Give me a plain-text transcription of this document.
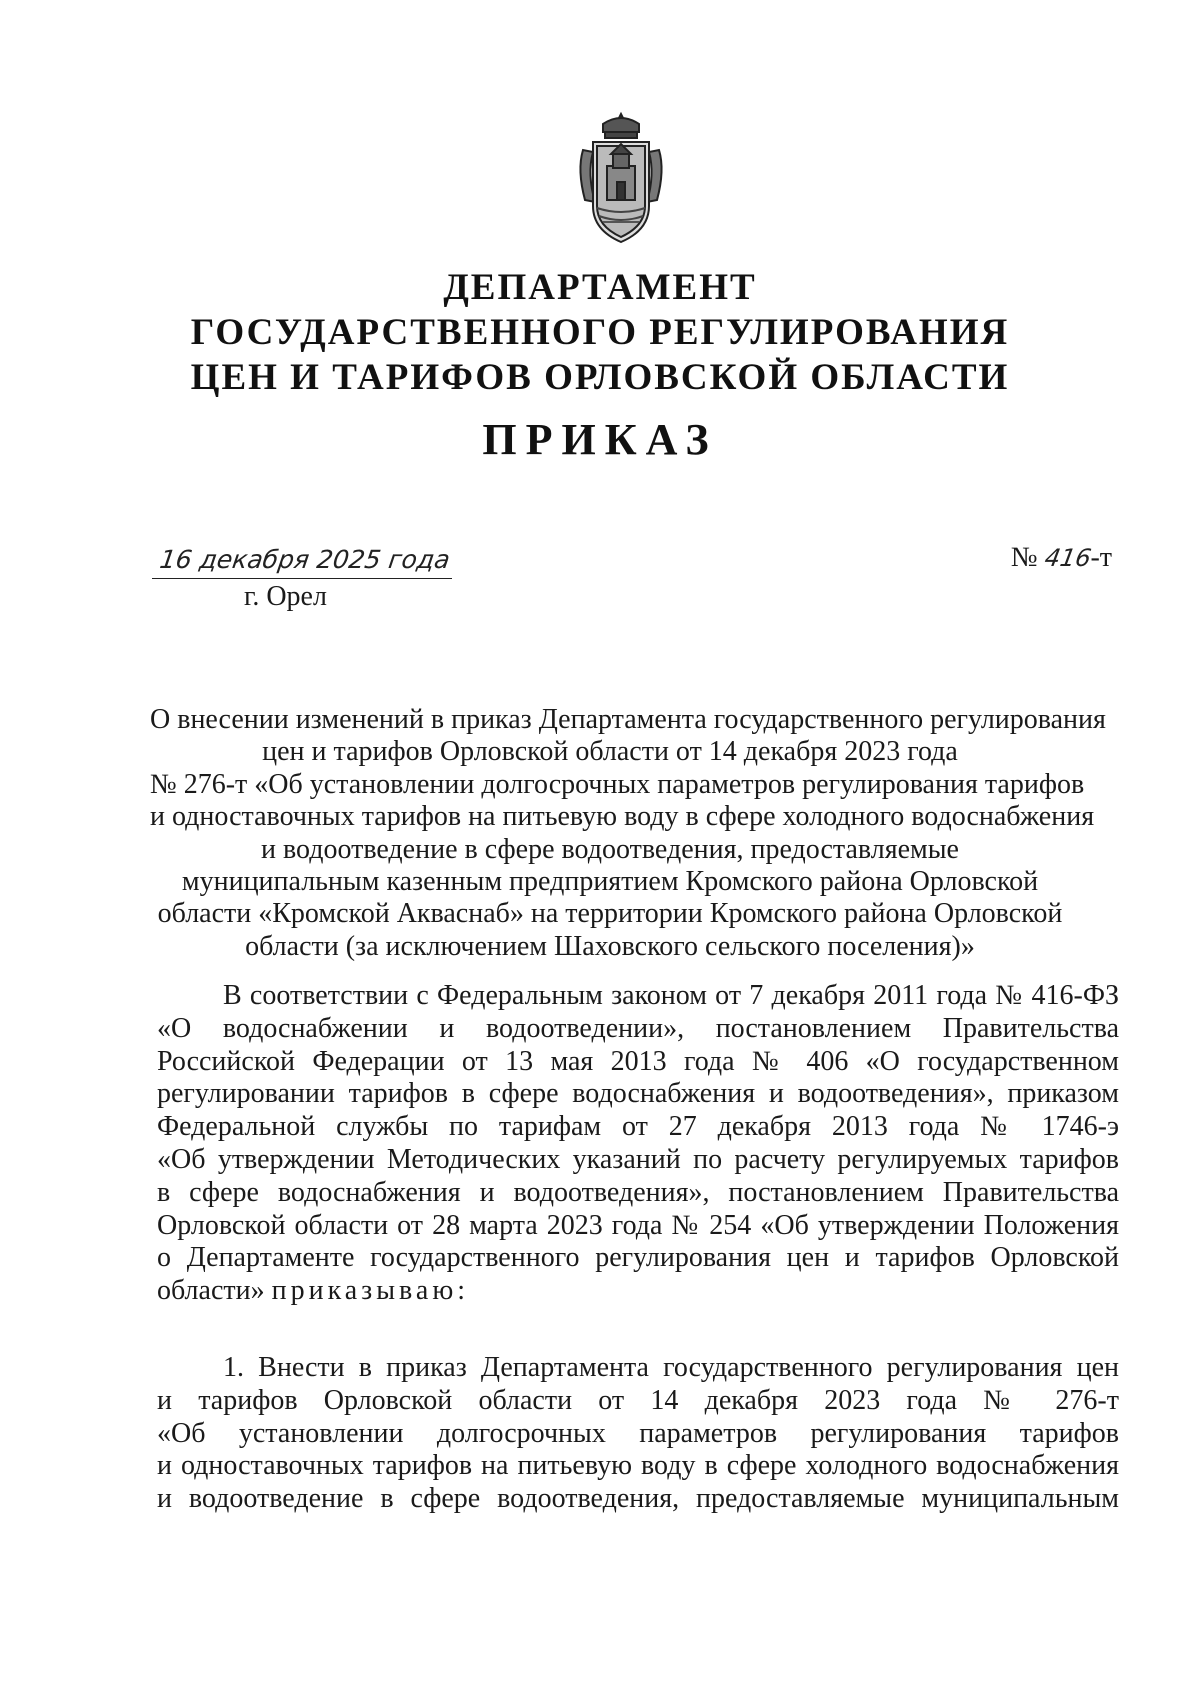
ДЕПАРТАМЕНТ
ГОСУДАРСТВЕННОГО РЕГУЛИРОВАНИЯ
ЦЕН И ТАРИФОВ ОРЛОВСКОЙ ОБЛАСТИ
ПРИКАЗ
16 декабря 2025 года
г. Орел
№ 416-т
О внесении изменений в приказ Департамента государственного регулирования
цен и тарифов Орловской области от 14 декабря 2023 года
№ 276-т «Об установлении долгосрочных параметров регулирования тарифов
и одноставочных тарифов на питьевую воду в сфере холодного водоснабжения
и водоотведение в сфере водоотведения, предоставляемые
муниципальным казенным предприятием Кромского района Орловской
области «Кромской Акваснаб» на территории Кромского района Орловской
области (за исключением Шаховского сельского поселения)»
В соответствии с Федеральным законом от 7 декабря 2011 года № 416-ФЗ
«О водоснабжении и водоотведении», постановлением Правительства
Российской Федерации от 13 мая 2013 года № 406 «О государственном
регулировании тарифов в сфере водоснабжения и водоотведения», приказом
Федеральной службы по тарифам от 27 декабря 2013 года № 1746-э
«Об утверждении Методических указаний по расчету регулируемых тарифов
в сфере водоснабжения и водоотведения», постановлением Правительства
Орловской области от 28 марта 2023 года № 254 «Об утверждении Положения
о Департаменте государственного регулирования цен и тарифов Орловской
области» приказываю:
1. Внести в приказ Департамента государственного регулирования цен
и тарифов Орловской области от 14 декабря 2023 года № 276-т
«Об установлении долгосрочных параметров регулирования тарифов
и одноставочных тарифов на питьевую воду в сфере холодного водоснабжения
и водоотведение в сфере водоотведения, предоставляемые муниципальным
